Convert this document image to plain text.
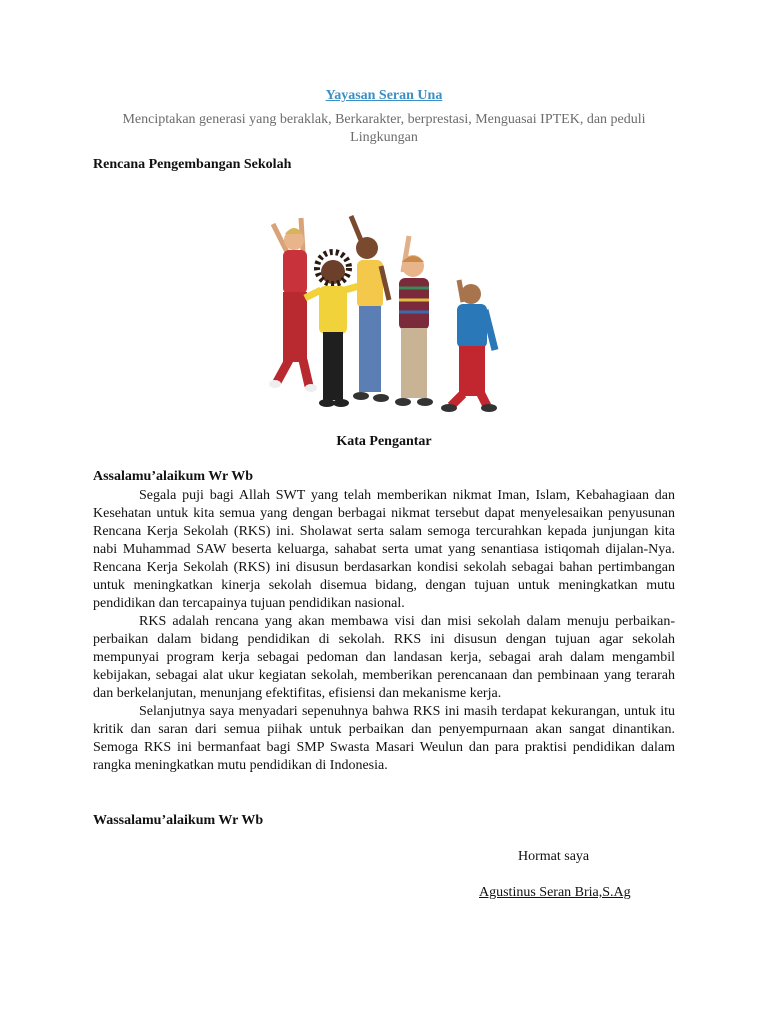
Yayasan Seran Una
Menciptakan generasi yang beraklak, Berkarakter, berprestasi, Menguasai IPTEK, dan peduli Lingkungan
Rencana Pengembangan Sekolah
Kata Pengantar
Assalamu’alaikum Wr Wb

Segala puji bagi Allah SWT yang telah memberikan nikmat Iman, Islam, Kebahagiaan dan Kesehatan untuk kita semua yang dengan berbagai nikmat tersebut dapat menyelesaikan penyusunan Rencana Kerja Sekolah (RKS) ini. Sholawat serta salam semoga tercurahkan kepada junjungan kita nabi Muhammad SAW beserta keluarga, sahabat serta umat yang senantiasa istiqomah dijalan-Nya. Rencana Kerja Sekolah (RKS) ini disusun berdasarkan kondisi sekolah sebagai bahan pertimbangan untuk meningkatkan kinerja sekolah disemua bidang, dengan tujuan untuk meningkatkan mutu pendidikan dan tercapainya tujuan pendidikan nasional.

RKS adalah rencana yang akan membawa visi dan misi sekolah dalam menuju perbaikan-perbaikan dalam bidang pendidikan di sekolah. RKS ini disusun dengan tujuan agar sekolah mempunyai program kerja sebagai pedoman dan landasan kerja, sebagai arah dalam mengambil kebijakan, sebagai alat ukur kegiatan sekolah, memberikan perencanaan dan pembinaan yang terarah dan berkelanjutan, menunjang efektifitas, efisiensi dan mekanisme kerja.

Selanjutnya saya menyadari sepenuhnya bahwa RKS ini masih terdapat kekurangan, untuk itu kritik dan saran dari semua piihak untuk perbaikan dan penyempurnaan akan sangat dinantikan. Semoga RKS ini bermanfaat bagi SMP Swasta Masari Weulun dan para praktisi pendidikan dalam rangka meningkatkan mutu pendidikan di Indonesia.

Wassalamu’alaikum Wr Wb
Hormat saya
Agustinus Seran Bria,S.Ag
